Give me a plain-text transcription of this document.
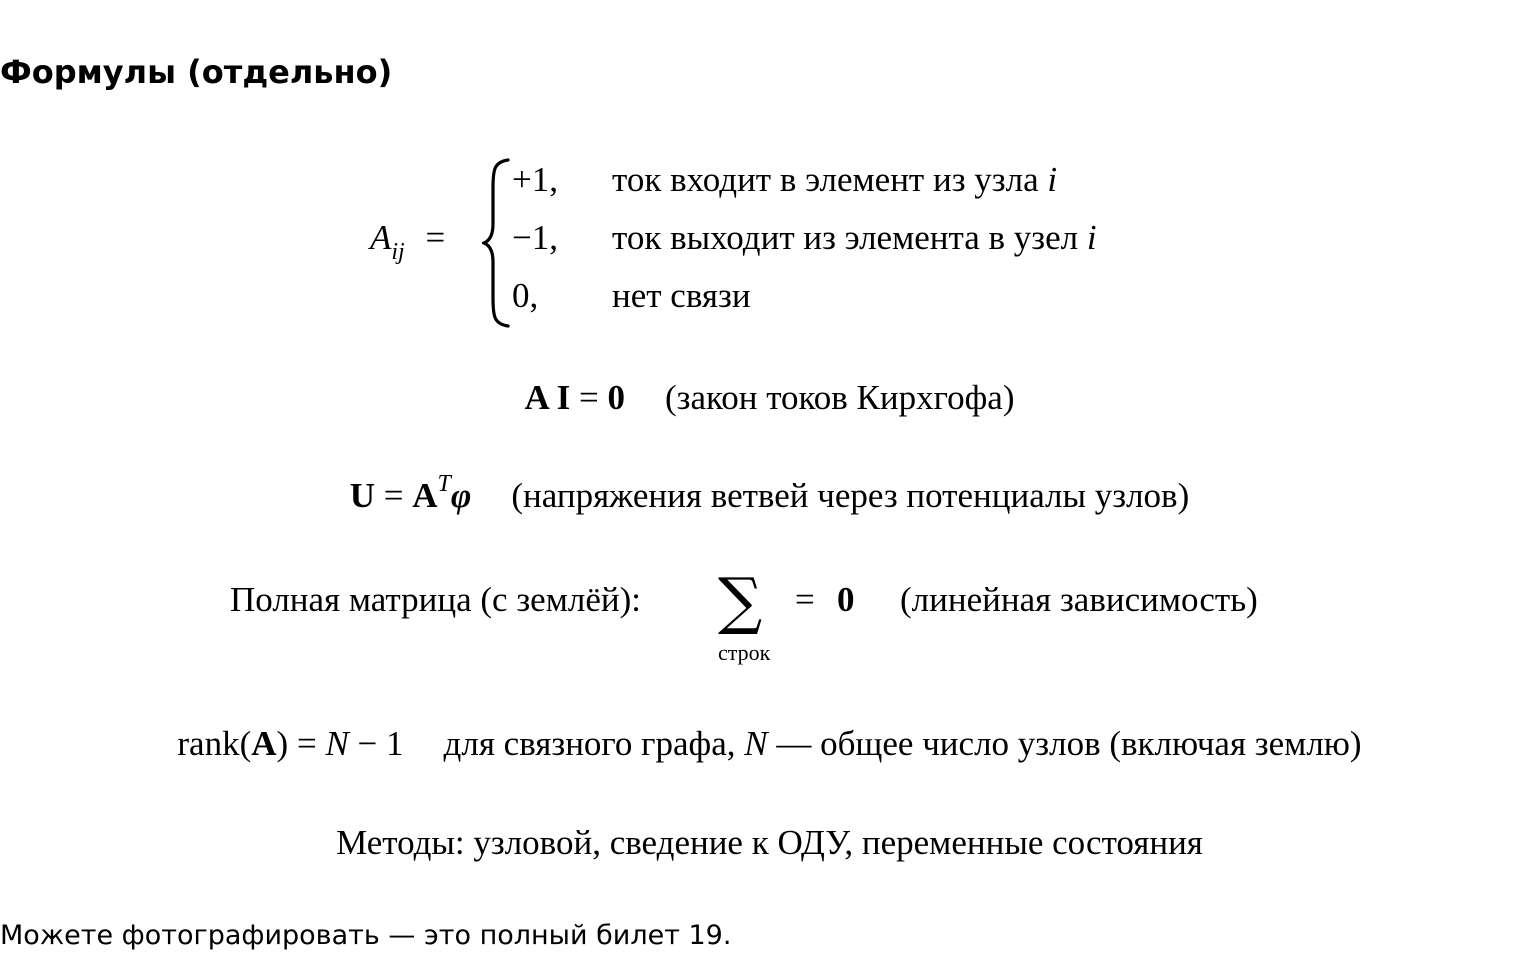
Формулы (отдельно)
$A_{ij}$ =
+1, ток входит в элемент из узла i
−1, ток выходит из элемента в узел i
0, нет связи
A I = 0 (закон токов Кирхгофа)
$U = A^T\varphi$ (напряжения ветвей через потенциалы узлов)
Полная матрица (с землёй): ∑ = 0 (линейная зависимость)
строк
rank(A) = N − 1 для связного графа, N — общее число узлов (включая землю)
Методы: узловой, сведение к ОДУ, переменные состояния
Можете фотографировать — это полный билет 19.
